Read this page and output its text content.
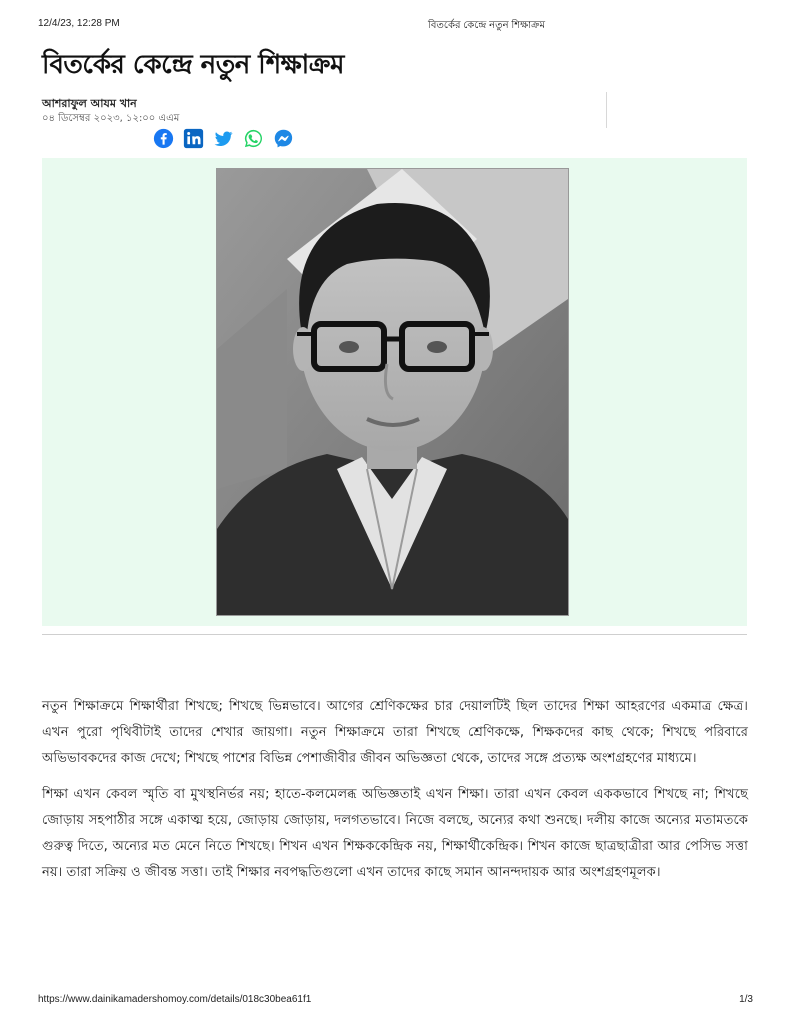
12/4/23, 12:28 PM	বিতর্কের কেন্দ্রে নতুন শিক্ষাক্রম
বিতর্কের কেন্দ্রে নতুন শিক্ষাক্রম
আশরাফুল আযম খান
০৪ ডিসেম্বর ২০২৩, ১২:০০ এএম

নতুন শিক্ষাক্রমে শিক্ষার্থীরা শিখছে; শিখছে ভিন্নভাবে। আগের শ্রেণিকক্ষের চার দেয়ালটিই ছিল তাদের শিক্ষা আহরণের একমাত্র ক্ষেত্র। এখন পুরো পৃথিবীটাই তাদের শেখার জায়গা। নতুন শিক্ষাক্রমে তারা শিখছে শ্রেণিকক্ষে, শিক্ষকদের কাছ থেকে; শিখছে পরিবারে অভিভাবকদের কাজ দেখে; শিখছে পাশের বিভিন্ন পেশাজীবীর জীবন অভিজ্ঞতা থেকে, তাদের সঙ্গে প্রত্যক্ষ অংশগ্রহণের মাধ্যমে।

শিক্ষা এখন কেবল স্মৃতি বা মুখস্থনির্ভর নয়; হাতে-কলমেলব্ধ অভিজ্ঞতাই এখন শিক্ষা। তারা এখন কেবল এককভাবে শিখছে না; শিখছে জোড়ায় সহপাঠীর সঙ্গে একাত্ম হয়ে, জোড়ায় জোড়ায়, দলগতভাবে। নিজে বলছে, অন্যের কথা শুনছে। দলীয় কাজে অন্যের মতামতকে গুরুত্ব দিতে, অন্যের মত মেনে নিতে শিখছে। শিখন এখন শিক্ষককেন্দ্রিক নয়, শিক্ষার্থীকেন্দ্রিক। শিখন কাজে ছাত্রছাত্রীরা আর পেসিভ সত্তা নয়। তারা সক্রিয় ও জীবন্ত সত্তা। তাই শিক্ষার নবপদ্ধতিগুলো এখন তাদের কাছে সমান আনন্দদায়ক আর অংশগ্রহণমূলক।

https://www.dainikamadershomoy.com/details/018c30bea61f1	1/3
